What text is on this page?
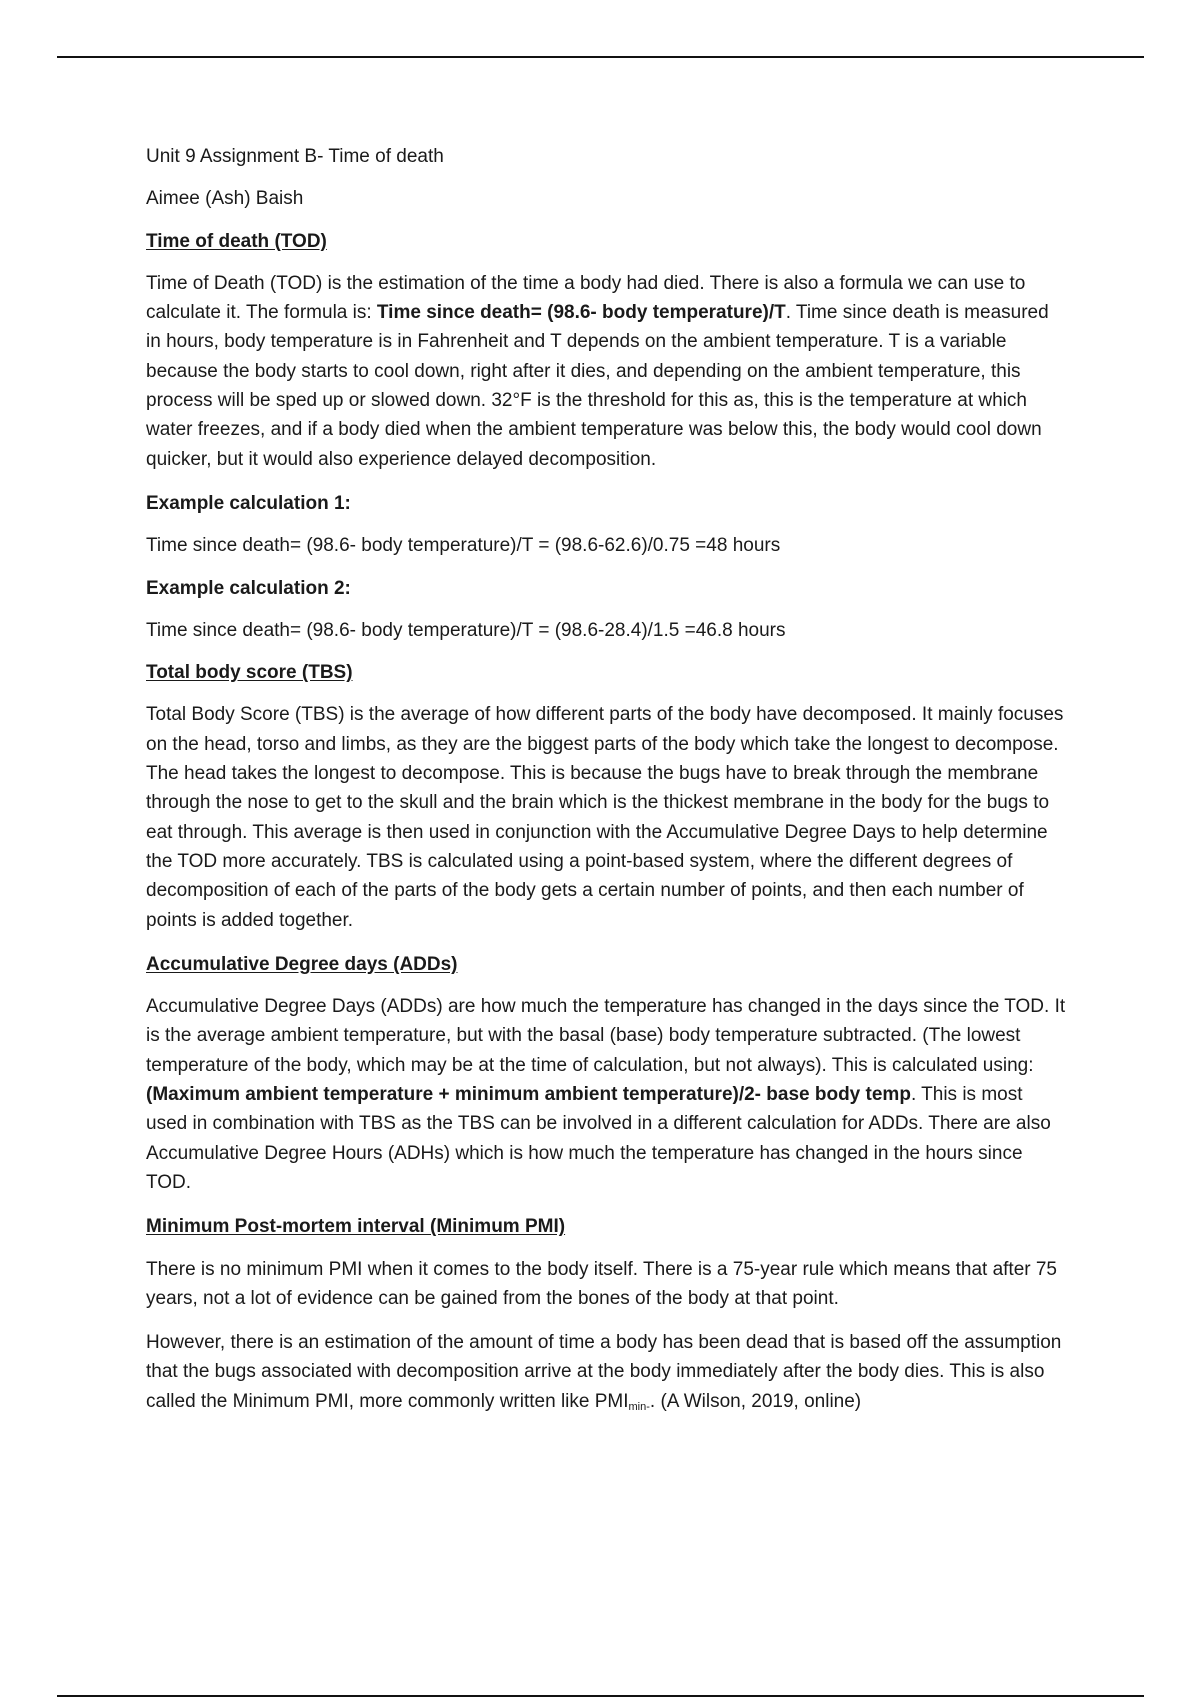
Unit 9 Assignment B- Time of death

Aimee (Ash) Baish

Time of death (TOD)

Time of Death (TOD) is the estimation of the time a body had died. There is also a formula we can use to calculate it. The formula is: Time since death= (98.6- body temperature)/T. Time since death is measured in hours, body temperature is in Fahrenheit and T depends on the ambient temperature. T is a variable because the body starts to cool down, right after it dies, and depending on the ambient temperature, this process will be sped up or slowed down. 32°F is the threshold for this as, this is the temperature at which water freezes, and if a body died when the ambient temperature was below this, the body would cool down quicker, but it would also experience delayed decomposition.

Example calculation 1:

Time since death= (98.6- body temperature)/T = (98.6-62.6)/0.75 =48 hours

Example calculation 2:

Time since death= (98.6- body temperature)/T = (98.6-28.4)/1.5 =46.8 hours

Total body score (TBS)

Total Body Score (TBS) is the average of how different parts of the body have decomposed. It mainly focuses on the head, torso and limbs, as they are the biggest parts of the body which take the longest to decompose. The head takes the longest to decompose. This is because the bugs have to break through the membrane through the nose to get to the skull and the brain which is the thickest membrane in the body for the bugs to eat through. This average is then used in conjunction with the Accumulative Degree Days to help determine the TOD more accurately. TBS is calculated using a point-based system, where the different degrees of decomposition of each of the parts of the body gets a certain number of points, and then each number of points is added together.

Accumulative Degree days (ADDs)

Accumulative Degree Days (ADDs) are how much the temperature has changed in the days since the TOD. It is the average ambient temperature, but with the basal (base) body temperature subtracted. (The lowest temperature of the body, which may be at the time of calculation, but not always). This is calculated using: (Maximum ambient temperature + minimum ambient temperature)/2- base body temp. This is most used in combination with TBS as the TBS can be involved in a different calculation for ADDs. There are also Accumulative Degree Hours (ADHs) which is how much the temperature has changed in the hours since TOD.

Minimum Post-mortem interval (Minimum PMI)

There is no minimum PMI when it comes to the body itself. There is a 75-year rule which means that after 75 years, not a lot of evidence can be gained from the bones of the body at that point.

However, there is an estimation of the amount of time a body has been dead that is based off the assumption that the bugs associated with decomposition arrive at the body immediately after the body dies. This is also called the Minimum PMI, more commonly written like $PMI_{min-}$. (A Wilson, 2019, online)
